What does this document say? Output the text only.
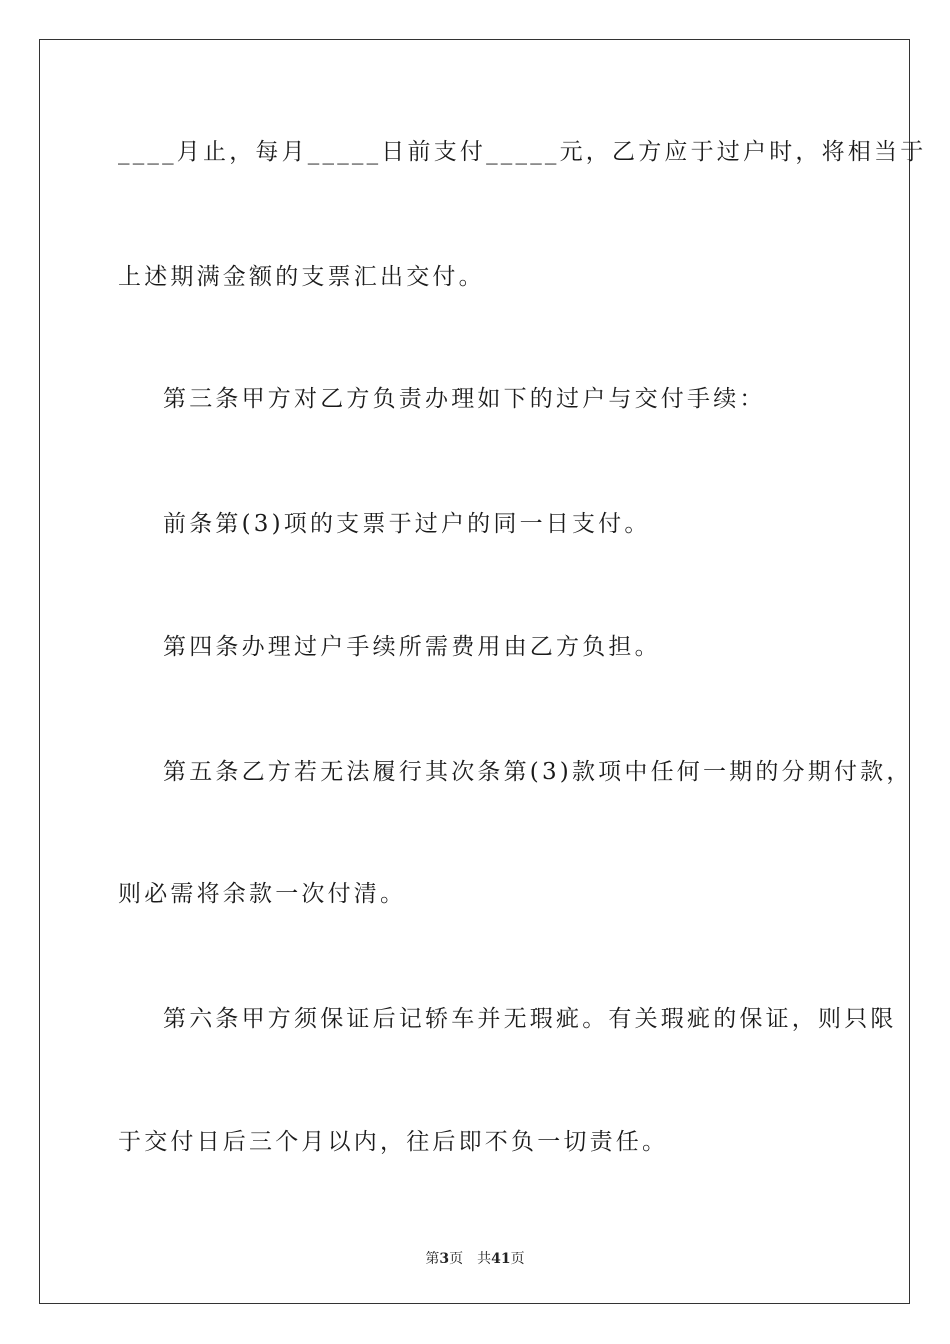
____月止，每月_____日前支付_____元，乙方应于过户时，将相当于
上述期满金额的支票汇出交付。
第三条甲方对乙方负责办理如下的过户与交付手续：
前条第(3)项的支票于过户的同一日支付。
第四条办理过户手续所需费用由乙方负担。
第五条乙方若无法履行其次条第(3)款项中任何一期的分期付款，
则必需将余款一次付清。
第六条甲方须保证后记轿车并无瑕疵。有关瑕疵的保证，则只限
于交付日后三个月以内，往后即不负一切责任。
第3页 共41页
